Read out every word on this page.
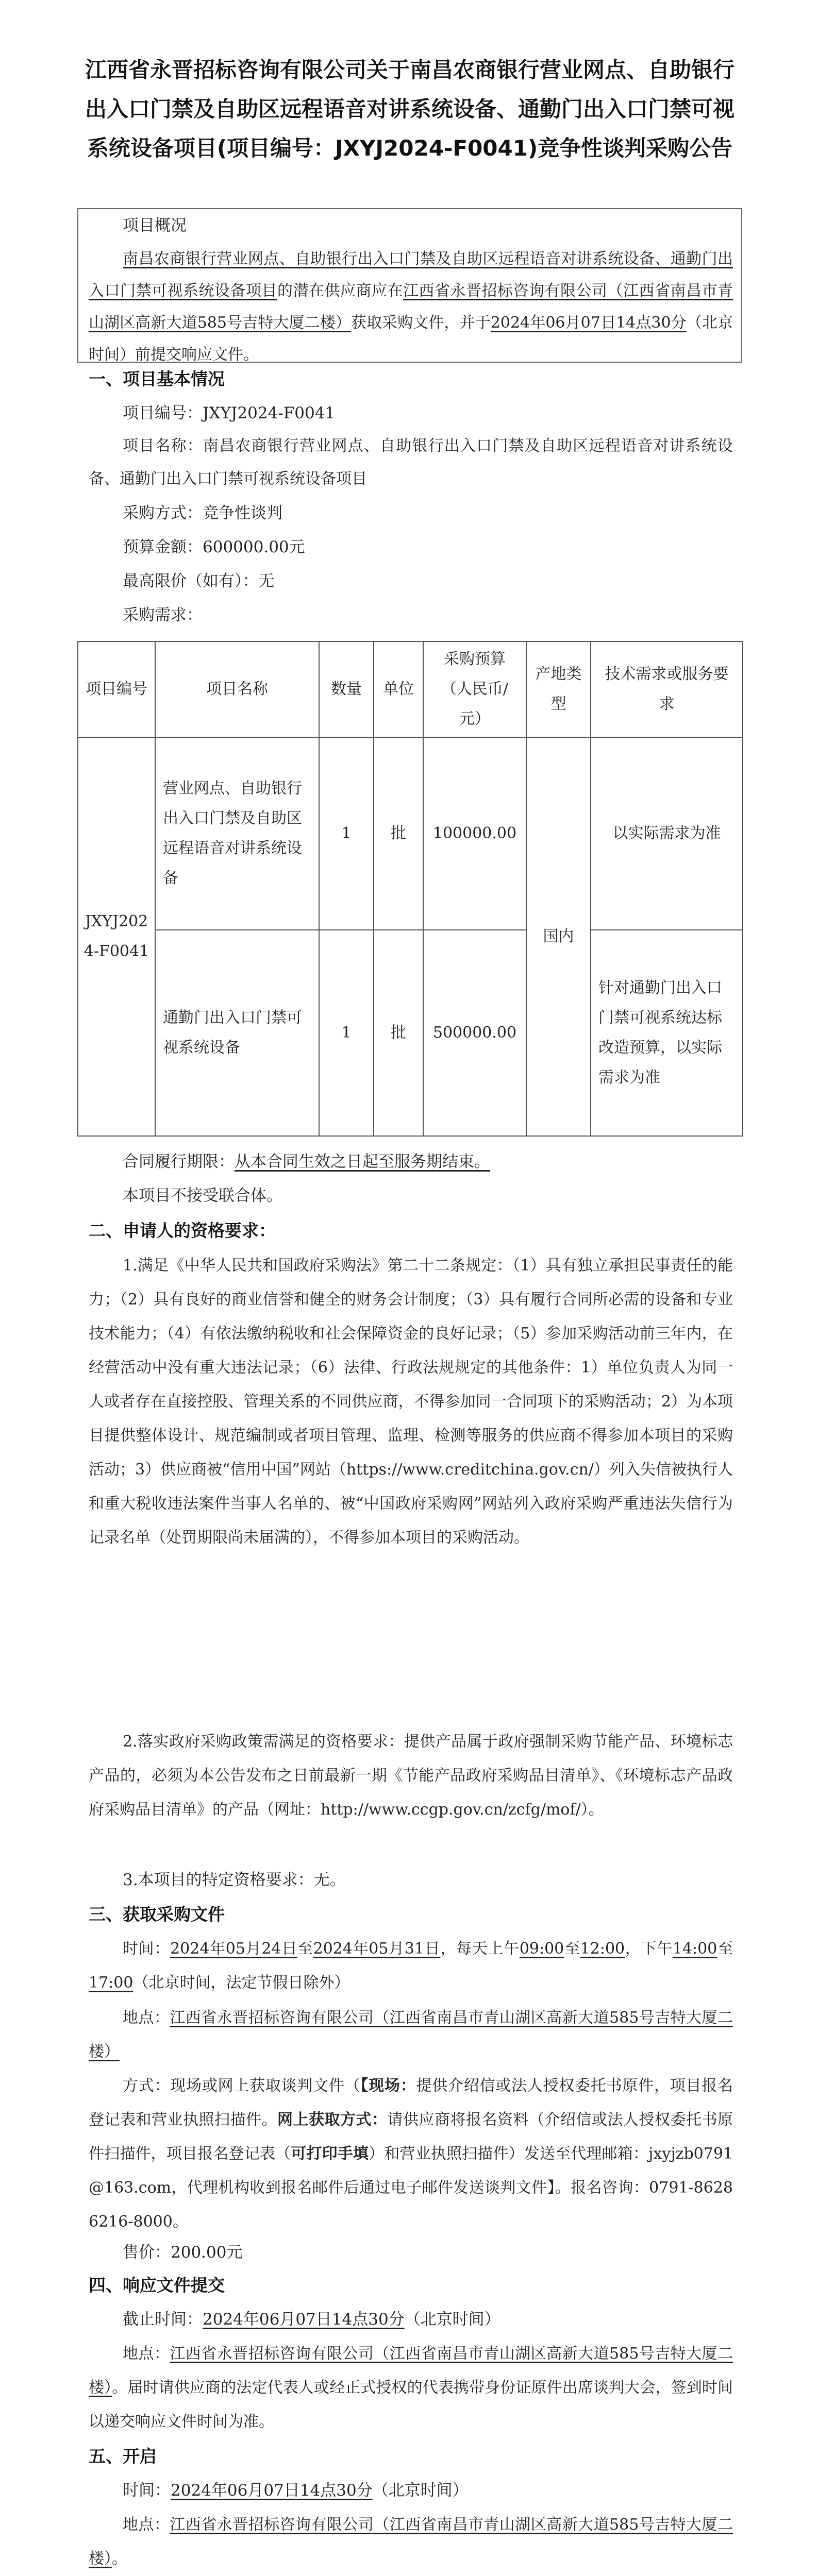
江西省永晋招标咨询有限公司关于南昌农商银行营业网点、自助银行出入口门禁及自助区远程语音对讲系统设备、通勤门出入口门禁可视系统设备项目(项目编号：JXYJ2024-F0041)竞争性谈判采购公告
项目概况
南昌农商银行营业网点、自助银行出入口门禁及自助区远程语音对讲系统设备、通勤门出入口门禁可视系统设备项目的潜在供应商应在江西省永晋招标咨询有限公司（江西省南昌市青山湖区高新大道585号吉特大厦二楼）获取采购文件，并于2024年06月07日14点30分（北京时间）前提交响应文件。
一、项目基本情况
项目编号：JXYJ2024-F0041
项目名称：南昌农商银行营业网点、自助银行出入口门禁及自助区远程语音对讲系统设备、通勤门出入口门禁可视系统设备项目
采购方式：竞争性谈判
预算金额：600000.00元
最高限价（如有）：无
采购需求：
项目编号	项目名称	数量	单位	采购预算（人民币/元）	产地类型	技术需求或服务要求
JXYJ2024-F0041	营业网点、自助银行出入口门禁及自助区远程语音对讲系统设备	1	批	100000.00	国内	以实际需求为准
	通勤门出入口门禁可视系统设备	1	批	500000.00		针对通勤门出入口门禁可视系统达标改造预算，以实际需求为准
合同履行期限：从本合同生效之日起至服务期结束。
本项目不接受联合体。
二、申请人的资格要求：
1.满足《中华人民共和国政府采购法》第二十二条规定：（1）具有独立承担民事责任的能力；（2）具有良好的商业信誉和健全的财务会计制度；（3）具有履行合同所必需的设备和专业技术能力；（4）有依法缴纳税收和社会保障资金的良好记录；（5）参加采购活动前三年内，在经营活动中没有重大违法记录；（6）法律、行政法规规定的其他条件：1）单位负责人为同一人或者存在直接控股、管理关系的不同供应商，不得参加同一合同项下的采购活动；2）为本项目提供整体设计、规范编制或者项目管理、监理、检测等服务的供应商不得参加本项目的采购活动；3）供应商被“信用中国”网站（https://www.creditchina.gov.cn/）列入失信被执行人和重大税收违法案件当事人名单的、被“中国政府采购网”网站列入政府采购严重违法失信行为记录名单（处罚期限尚未届满的），不得参加本项目的采购活动。
2.落实政府采购政策需满足的资格要求：提供产品属于政府强制采购节能产品、环境标志产品的，必须为本公告发布之日前最新一期《节能产品政府采购品目清单》、《环境标志产品政府采购品目清单》的产品（网址：http://www.ccgp.gov.cn/zcfg/mof/）。
3.本项目的特定资格要求：无。
三、获取采购文件
时间：2024年05月24日至2024年05月31日，每天上午09:00至12:00，下午14:00至17:00（北京时间，法定节假日除外）
地点：江西省永晋招标咨询有限公司（江西省南昌市青山湖区高新大道585号吉特大厦二楼）
方式：现场或网上获取谈判文件（【现场：提供介绍信或法人授权委托书原件，项目报名登记表和营业执照扫描件。网上获取方式：请供应商将报名资料（介绍信或法人授权委托书原件扫描件，项目报名登记表（可打印手填）和营业执照扫描件）发送至代理邮箱：jxyjzb0791@163.com，代理机构收到报名邮件后通过电子邮件发送谈判文件】。报名咨询：0791-86286216-8000。
售价：200.00元
四、响应文件提交
截止时间：2024年06月07日14点30分（北京时间）
地点：江西省永晋招标咨询有限公司（江西省南昌市青山湖区高新大道585号吉特大厦二楼）。届时请供应商的法定代表人或经正式授权的代表携带身份证原件出席谈判大会，签到时间以递交响应文件时间为准。
五、开启
时间：2024年06月07日14点30分（北京时间）
地点：江西省永晋招标咨询有限公司（江西省南昌市青山湖区高新大道585号吉特大厦二楼）。
